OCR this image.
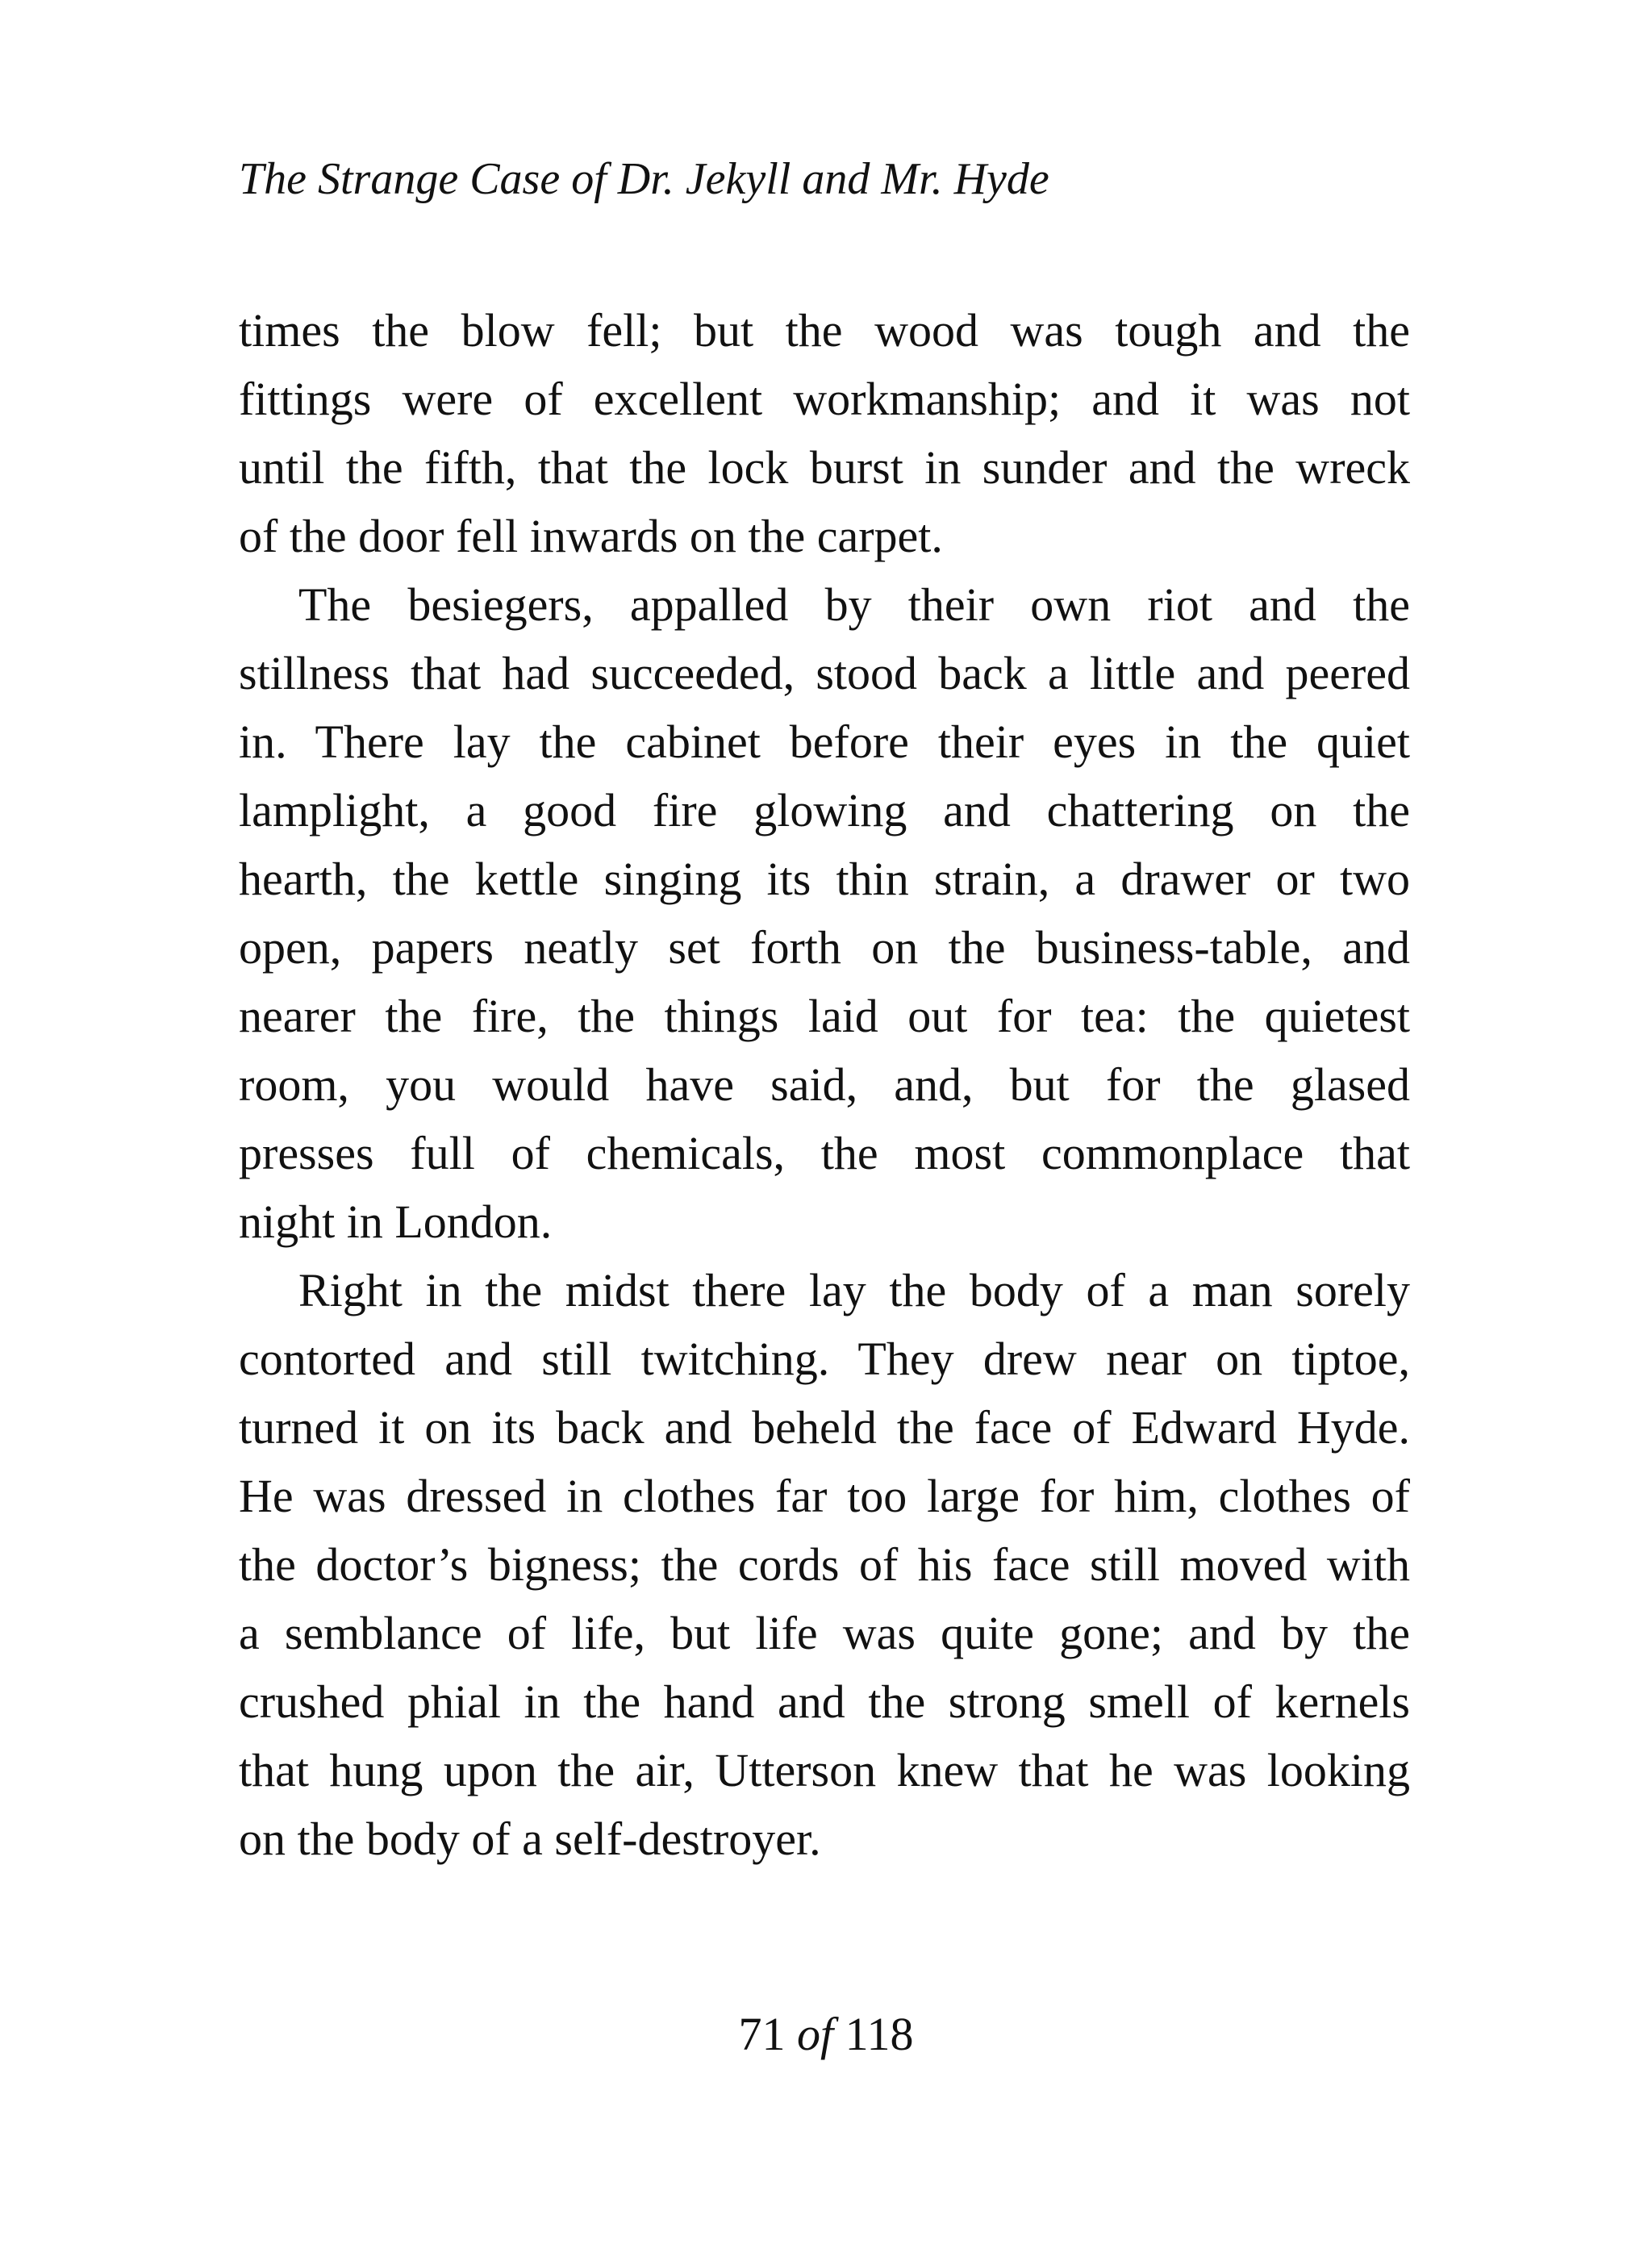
The Strange Case of Dr. Jekyll and Mr. Hyde

times the blow fell; but the wood was tough and the
fittings were of excellent workmanship; and it was not
until the fifth, that the lock burst in sunder and the wreck
of the door fell inwards on the carpet.

The besiegers, appalled by their own riot and the
stillness that had succeeded, stood back a little and peered
in. There lay the cabinet before their eyes in the quiet
lamplight, a good fire glowing and chattering on the
hearth, the kettle singing its thin strain, a drawer or two
open, papers neatly set forth on the business-table, and
nearer the fire, the things laid out for tea: the quietest
room, you would have said, and, but for the glased
presses full of chemicals, the most commonplace that
night in London.

Right in the midst there lay the body of a man sorely
contorted and still twitching. They drew near on tiptoe,
turned it on its back and beheld the face of Edward Hyde.
He was dressed in clothes far too large for him, clothes of
the doctor’s bigness; the cords of his face still moved with
a semblance of life, but life was quite gone; and by the
crushed phial in the hand and the strong smell of kernels
that hung upon the air, Utterson knew that he was looking
on the body of a self-destroyer.

71 of 118
